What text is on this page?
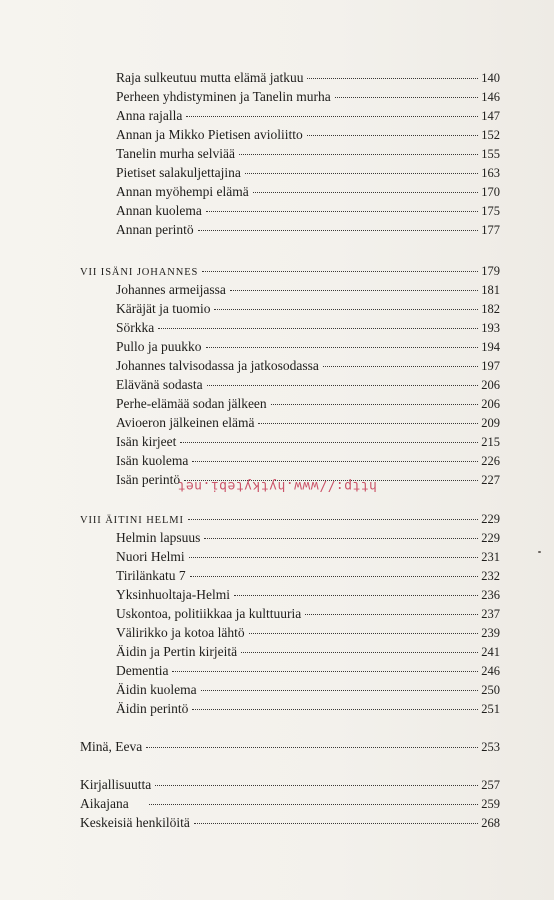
Raja sulkeutuu mutta elämä jatkuu	140
Perheen yhdistyminen ja Tanelin murha	146
Anna rajalla	147
Annan ja Mikko Pietisen avioliitto	152
Tanelin murha selviää	155
Pietiset salakuljettajina	163
Annan myöhempi elämä	170
Annan kuolema	175
Annan perintö	177
VII ISÄNI JOHANNES	179
Johannes armeijassa	181
Käräjät ja tuomio	182
Sörkka	193
Pullo ja puukko	194
Johannes talvisodassa ja jatkosodassa	197
Elävänä sodasta	206
Perhe-elämää sodan jälkeen	206
Avioeron jälkeinen elämä	209
Isän kirjeet	215
Isän kuolema	226
Isän perintö	227
http://www.hytkytebi.net
VIII ÄITINI HELMI	229
Helmin lapsuus	229
Nuori Helmi	231
Tirilänkatu 7	232
Yksinhuoltaja-Helmi	236
Uskontoa, politiikkaa ja kulttuuria	237
Välirikko ja kotoa lähtö	239
Äidin ja Pertin kirjeitä	241
Dementia	246
Äidin kuolema	250
Äidin perintö	251
Minä, Eeva	253
Kirjallisuutta	257
Aikajana	259
Keskeisiä henkilöitä	268
